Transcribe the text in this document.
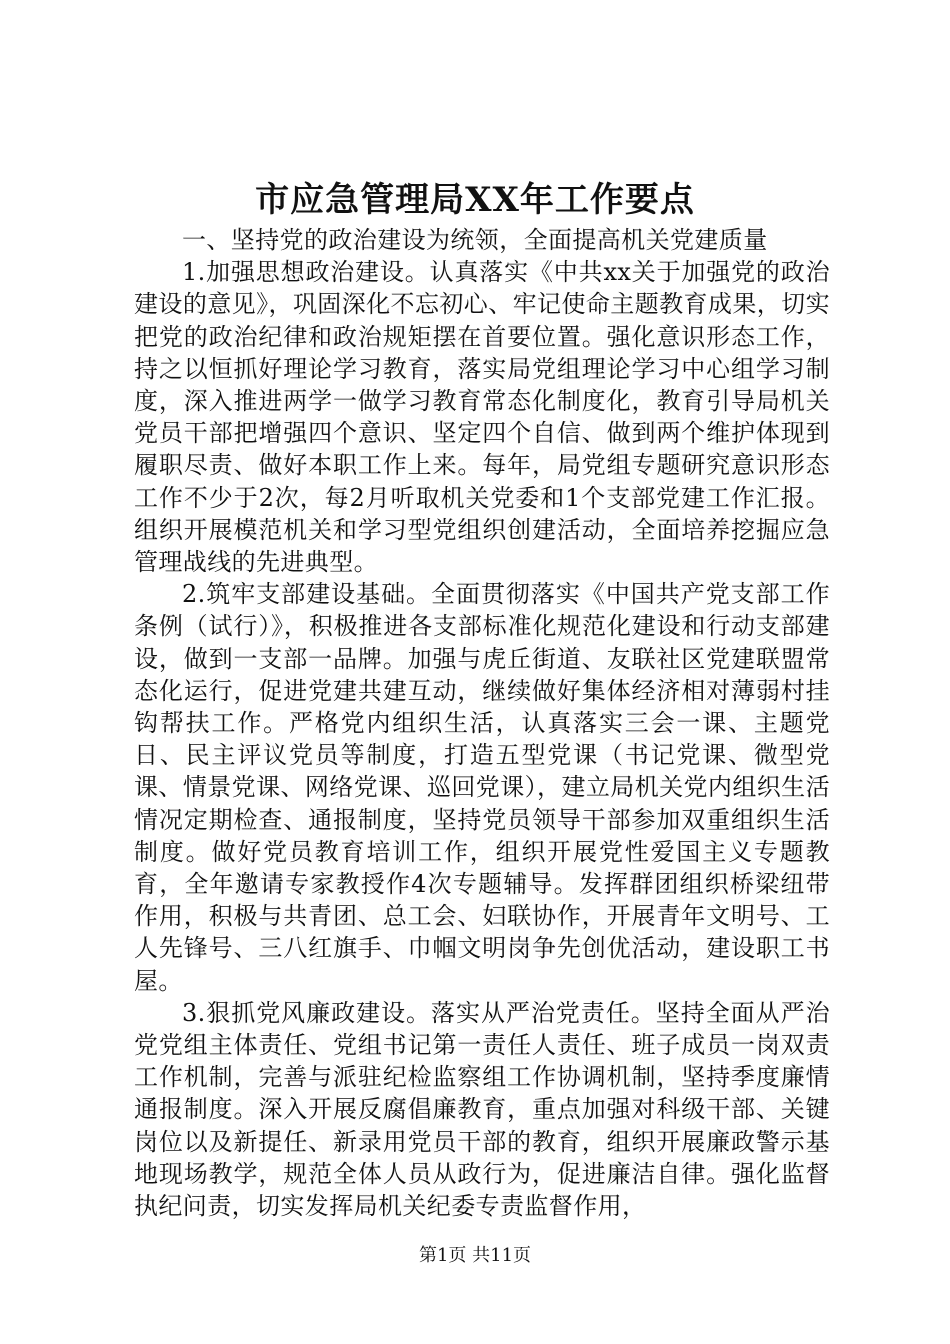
市应急管理局XX年工作要点

一、坚持党的政治建设为统领，全面提高机关党建质量

1.加强思想政治建设。认真落实《中共xx关于加强党的政治建设的意见》，巩固深化不忘初心、牢记使命主题教育成果，切实把党的政治纪律和政治规矩摆在首要位置。强化意识形态工作，持之以恒抓好理论学习教育，落实局党组理论学习中心组学习制度，深入推进两学一做学习教育常态化制度化，教育引导局机关党员干部把增强四个意识、坚定四个自信、做到两个维护体现到履职尽责、做好本职工作上来。每年，局党组专题研究意识形态工作不少于2次，每2月听取机关党委和1个支部党建工作汇报。组织开展模范机关和学习型党组织创建活动，全面培养挖掘应急管理战线的先进典型。

2.筑牢支部建设基础。全面贯彻落实《中国共产党支部工作条例（试行）》，积极推进各支部标准化规范化建设和行动支部建设，做到一支部一品牌。加强与虎丘街道、友联社区党建联盟常态化运行，促进党建共建互动，继续做好集体经济相对薄弱村挂钩帮扶工作。严格党内组织生活，认真落实三会一课、主题党日、民主评议党员等制度，打造五型党课（书记党课、微型党课、情景党课、网络党课、巡回党课），建立局机关党内组织生活情况定期检查、通报制度，坚持党员领导干部参加双重组织生活制度。做好党员教育培训工作，组织开展党性爱国主义专题教育，全年邀请专家教授作4次专题辅导。发挥群团组织桥梁纽带作用，积极与共青团、总工会、妇联协作，开展青年文明号、工人先锋号、三八红旗手、巾帼文明岗争先创优活动，建设职工书屋。

3.狠抓党风廉政建设。落实从严治党责任。坚持全面从严治党党组主体责任、党组书记第一责任人责任、班子成员一岗双责工作机制，完善与派驻纪检监察组工作协调机制，坚持季度廉情通报制度。深入开展反腐倡廉教育，重点加强对科级干部、关键岗位以及新提任、新录用党员干部的教育，组织开展廉政警示基地现场教学，规范全体人员从政行为，促进廉洁自律。强化监督执纪问责，切实发挥局机关纪委专责监督作用，

第1页 共11页
